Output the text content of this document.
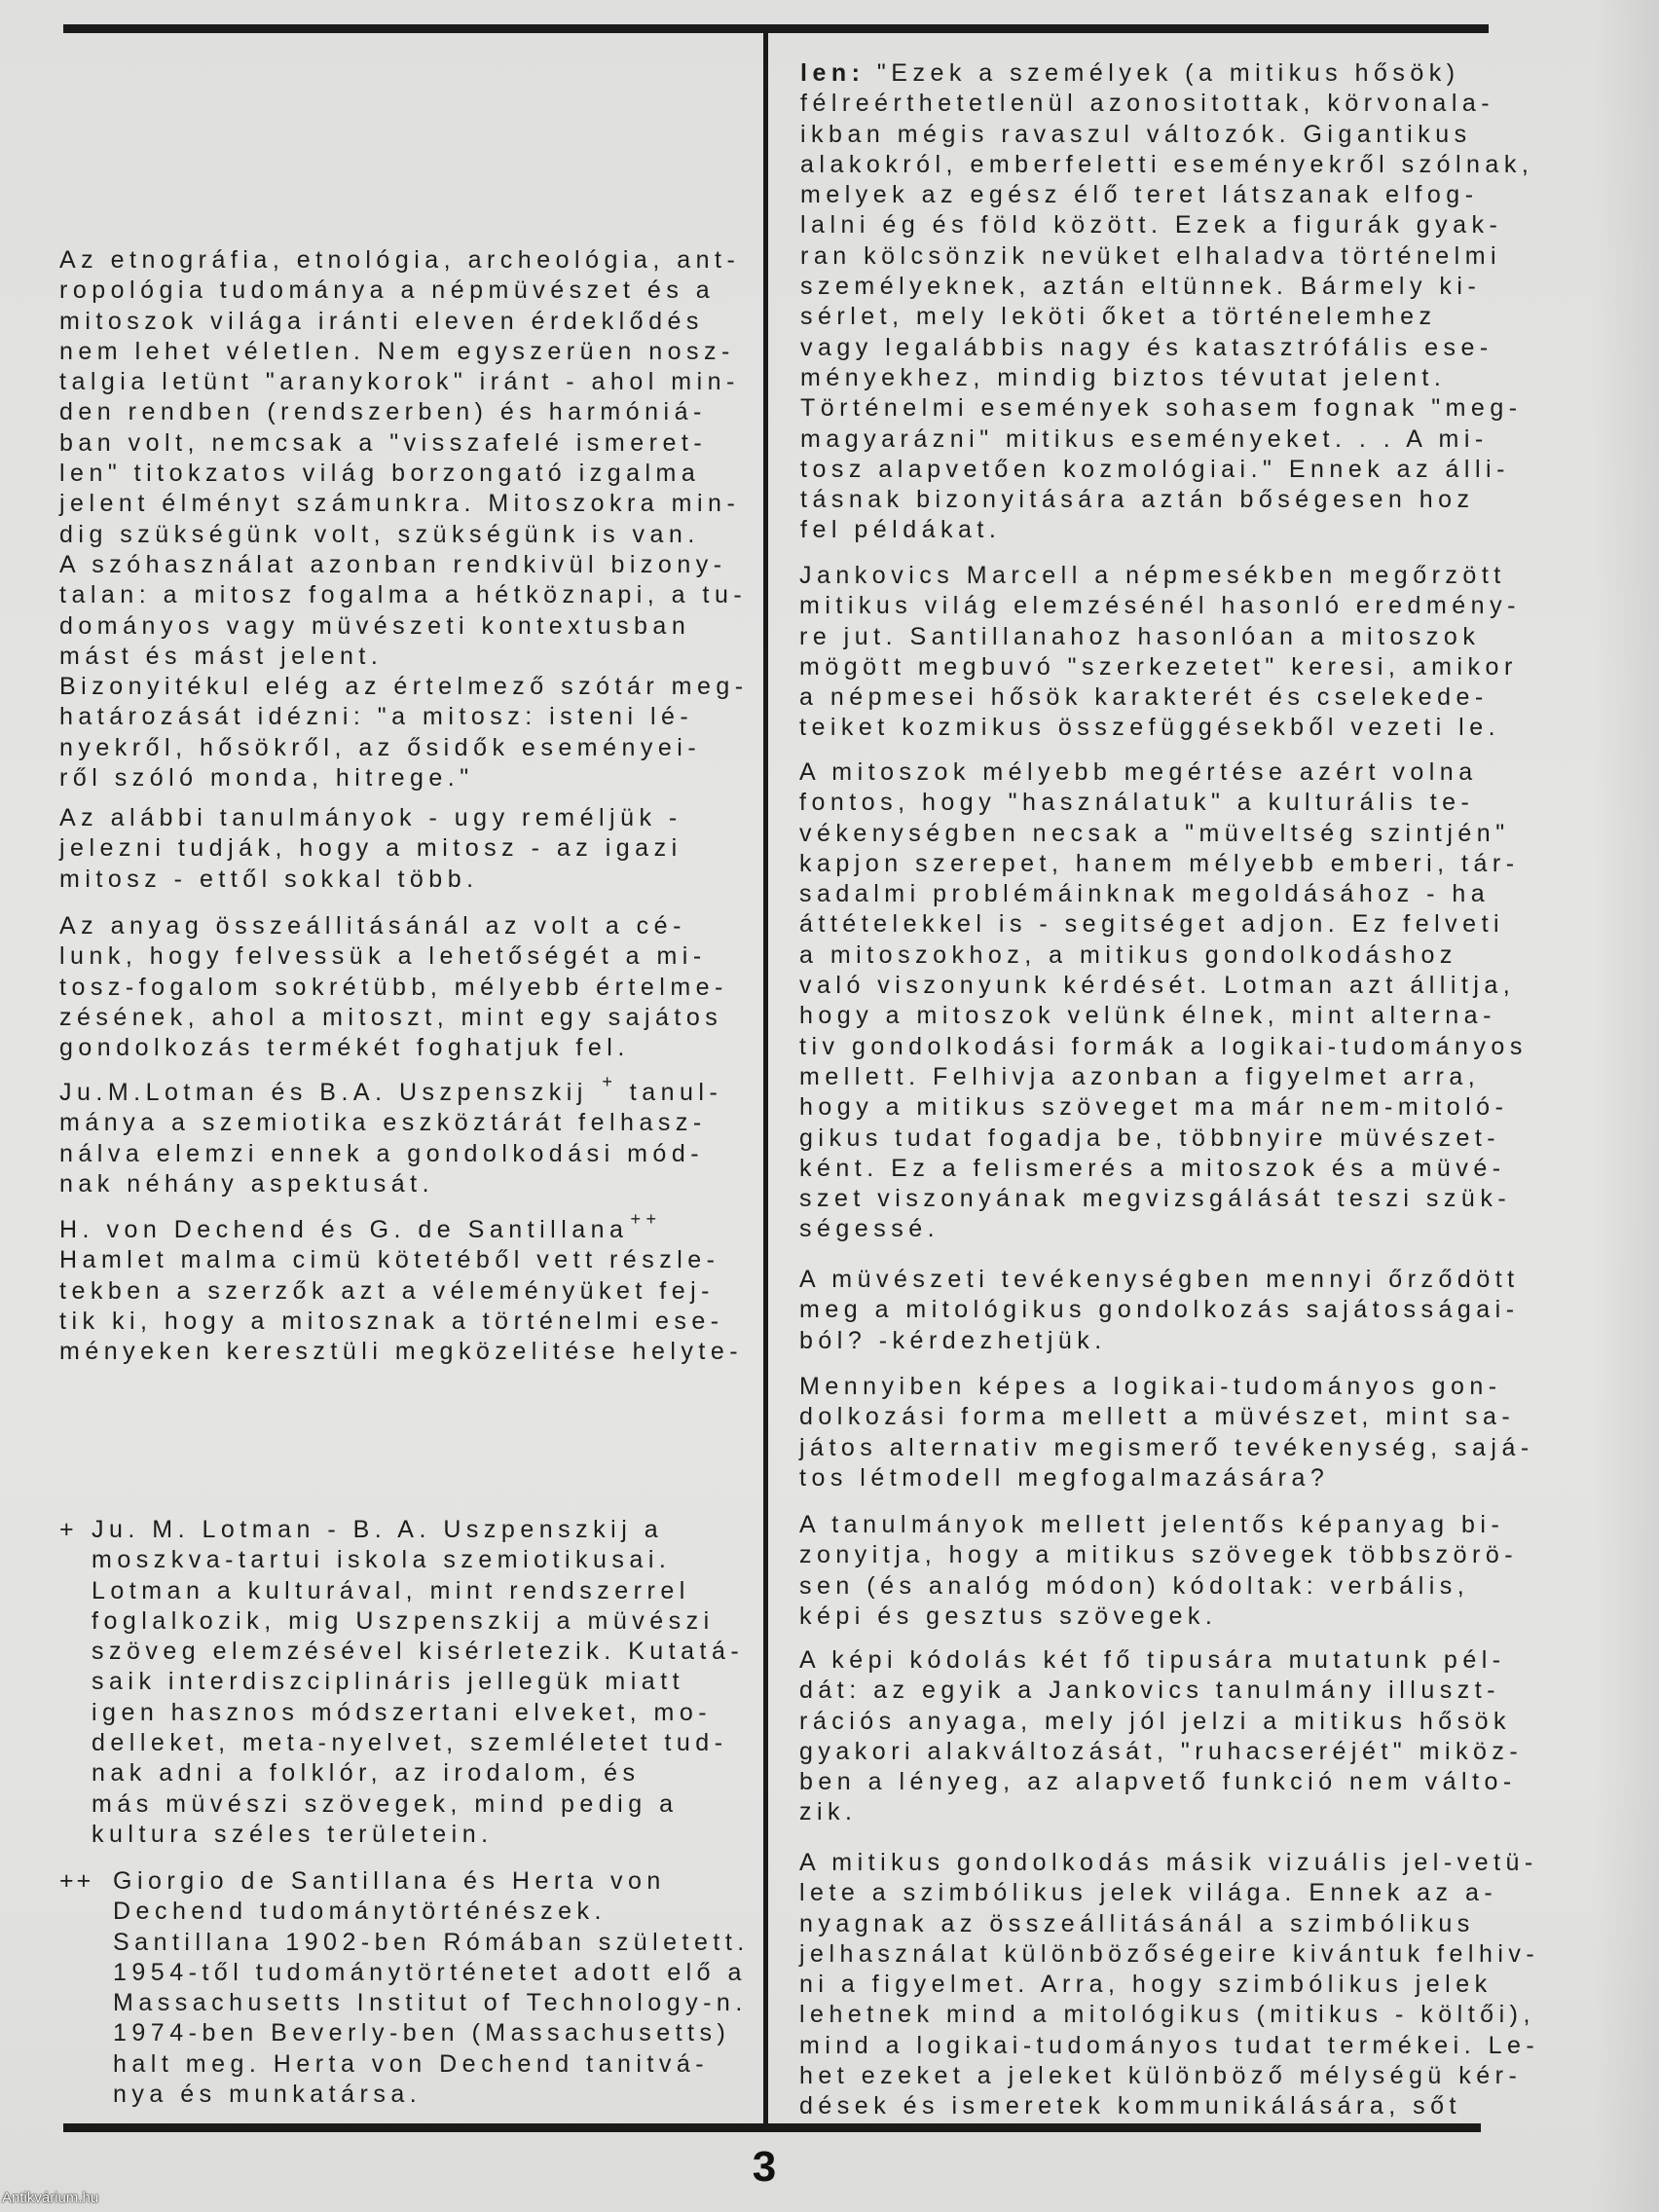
Az etnográfia, etnológia, archeológia, ant-
ropológia tudománya a népmüvészet és a
mitoszok világa iránti eleven érdeklődés
nem lehet véletlen. Nem egyszerüen nosz-
talgia letünt "aranykorok" iránt - ahol min-
den rendben (rendszerben) és harmóniá-
ban volt, nemcsak a "visszafelé ismeret-
len" titokzatos világ borzongató izgalma
jelent élményt számunkra. Mitoszokra min-
dig szükségünk volt, szükségünk is van.
A szóhasználat azonban rendkivül bizony-
talan: a mitosz fogalma a hétköznapi, a tu-
dományos vagy müvészeti kontextusban
mást és mást jelent.
Bizonyitékul elég az értelmező szótár meg-
határozását idézni: "a mitosz: isteni lé-
nyekről, hősökről, az ősidők eseményei-
ről szóló monda, hitrege."
Az alábbi tanulmányok - ugy reméljük -
jelezni tudják, hogy a mitosz - az igazi
mitosz - ettől sokkal több.
Az anyag összeállitásánál az volt a cé-
lunk, hogy felvessük a lehetőségét a mi-
tosz-fogalom sokrétübb, mélyebb értelme-
zésének, ahol a mitoszt, mint egy sajátos
gondolkozás termékét foghatjuk fel.
Ju.M.Lotman és B.A. Uszpenszkij + tanul-
mánya a szemiotika eszköztárát felhasz-
nálva elemzi ennek a gondolkodási mód-
nak néhány aspektusát.
H. von Dechend és G. de Santillana ++
Hamlet malma cimü kötetéből vett részle-
tekben a szerzők azt a véleményüket fej-
tik ki, hogy a mitosznak a történelmi ese-
ményeken keresztüli megközelitése helyte-
+ Ju. M. Lotman - B. A. Uszpenszkij a
moszkva-tartui iskola szemiotikusai.
Lotman a kulturával, mint rendszerrel
foglalkozik, mig Uszpenszkij a müvészi
szöveg elemzésével kisérletezik. Kutatá-
saik interdiszciplináris jellegük miatt
igen hasznos módszertani elveket, mo-
delleket, meta-nyelvet, szemléletet tud-
nak adni a folklór, az irodalom, és
más müvészi szövegek, mind pedig a
kultura széles területein.
++ Giorgio de Santillana és Herta von
Dechend tudománytörténészek.
Santillana 1902-ben Rómában született.
1954-től tudománytörténetet adott elő a
Massachusetts Institut of Technology-n.
1974-ben Beverly-ben (Massachusetts)
halt meg. Herta von Dechend tanitvá-
nya és munkatársa.
len: "Ezek a személyek (a mitikus hősök)
félreérthetetlenül azonositottak, körvonala-
ikban mégis ravaszul változók. Gigantikus
alakokról, emberfeletti eseményekről szólnak,
melyek az egész élő teret látszanak elfog-
lalni ég és föld között. Ezek a figurák gyak-
ran kölcsönzik nevüket elhaladva történelmi
személyeknek, aztán eltünnek. Bármely ki-
sérlet, mely leköti őket a történelemhez
vagy legalábbis nagy és katasztrófális ese-
ményekhez, mindig biztos tévutat jelent.
Történelmi események sohasem fognak "meg-
magyarázni" mitikus eseményeket. . . A mi-
tosz alapvetően kozmológiai." Ennek az álli-
tásnak bizonyitására aztán bőségesen hoz
fel példákat.
Jankovics Marcell a népmesékben megőrzött
mitikus világ elemzésénél hasonló eredmény-
re jut. Santillanahoz hasonlóan a mitoszok
mögött megbuvó "szerkezetet" keresi, amikor
a népmesei hősök karakterét és cselekede-
teiket kozmikus összefüggésekből vezeti le.
A mitoszok mélyebb megértése azért volna
fontos, hogy "használatuk" a kulturális te-
vékenységben necsak a "müveltség szintjén"
kapjon szerepet, hanem mélyebb emberi, tár-
sadalmi problémáinknak megoldásához - ha
áttételekkel is - segitséget adjon. Ez felveti
a mitoszokhoz, a mitikus gondolkodáshoz
való viszonyunk kérdését. Lotman azt állitja,
hogy a mitoszok velünk élnek, mint alterna-
tiv gondolkodási formák a logikai-tudományos
mellett. Felhivja azonban a figyelmet arra,
hogy a mitikus szöveget ma már nem-mitoló-
gikus tudat fogadja be, többnyire müvészet-
ként. Ez a felismerés a mitoszok és a müvé-
szet viszonyának megvizsgálását teszi szük-
ségessé.
A müvészeti tevékenységben mennyi őrződött
meg a mitológikus gondolkozás sajátosságai-
ból? -kérdezhetjük.
Mennyiben képes a logikai-tudományos gon-
dolkozási forma mellett a müvészet, mint sa-
játos alternativ megismerő tevékenység, sajá-
tos létmodell megfogalmazására?
A tanulmányok mellett jelentős képanyag bi-
zonyitja, hogy a mitikus szövegek többszörö-
sen (és analóg módon) kódoltak: verbális,
képi és gesztus szövegek.
A képi kódolás két fő tipusára mutatunk pél-
dát: az egyik a Jankovics tanulmány illuszt-
rációs anyaga, mely jól jelzi a mitikus hősök
gyakori alakváltozását, "ruhacseréjét" miköz-
ben a lényeg, az alapvető funkció nem válto-
zik.
A mitikus gondolkodás másik vizuális jel-vetü-
lete a szimbólikus jelek világa. Ennek az a-
nyagnak az összeállitásánál a szimbólikus
jelhasználat különbözőségeire kivántuk felhiv-
ni a figyelmet. Arra, hogy szimbólikus jelek
lehetnek mind a mitológikus (mitikus - költői),
mind a logikai-tudományos tudat termékei. Le-
het ezeket a jeleket különböző mélységü kér-
dések és ismeretek kommunikálására, sőt
3
Antikvárium.hu
